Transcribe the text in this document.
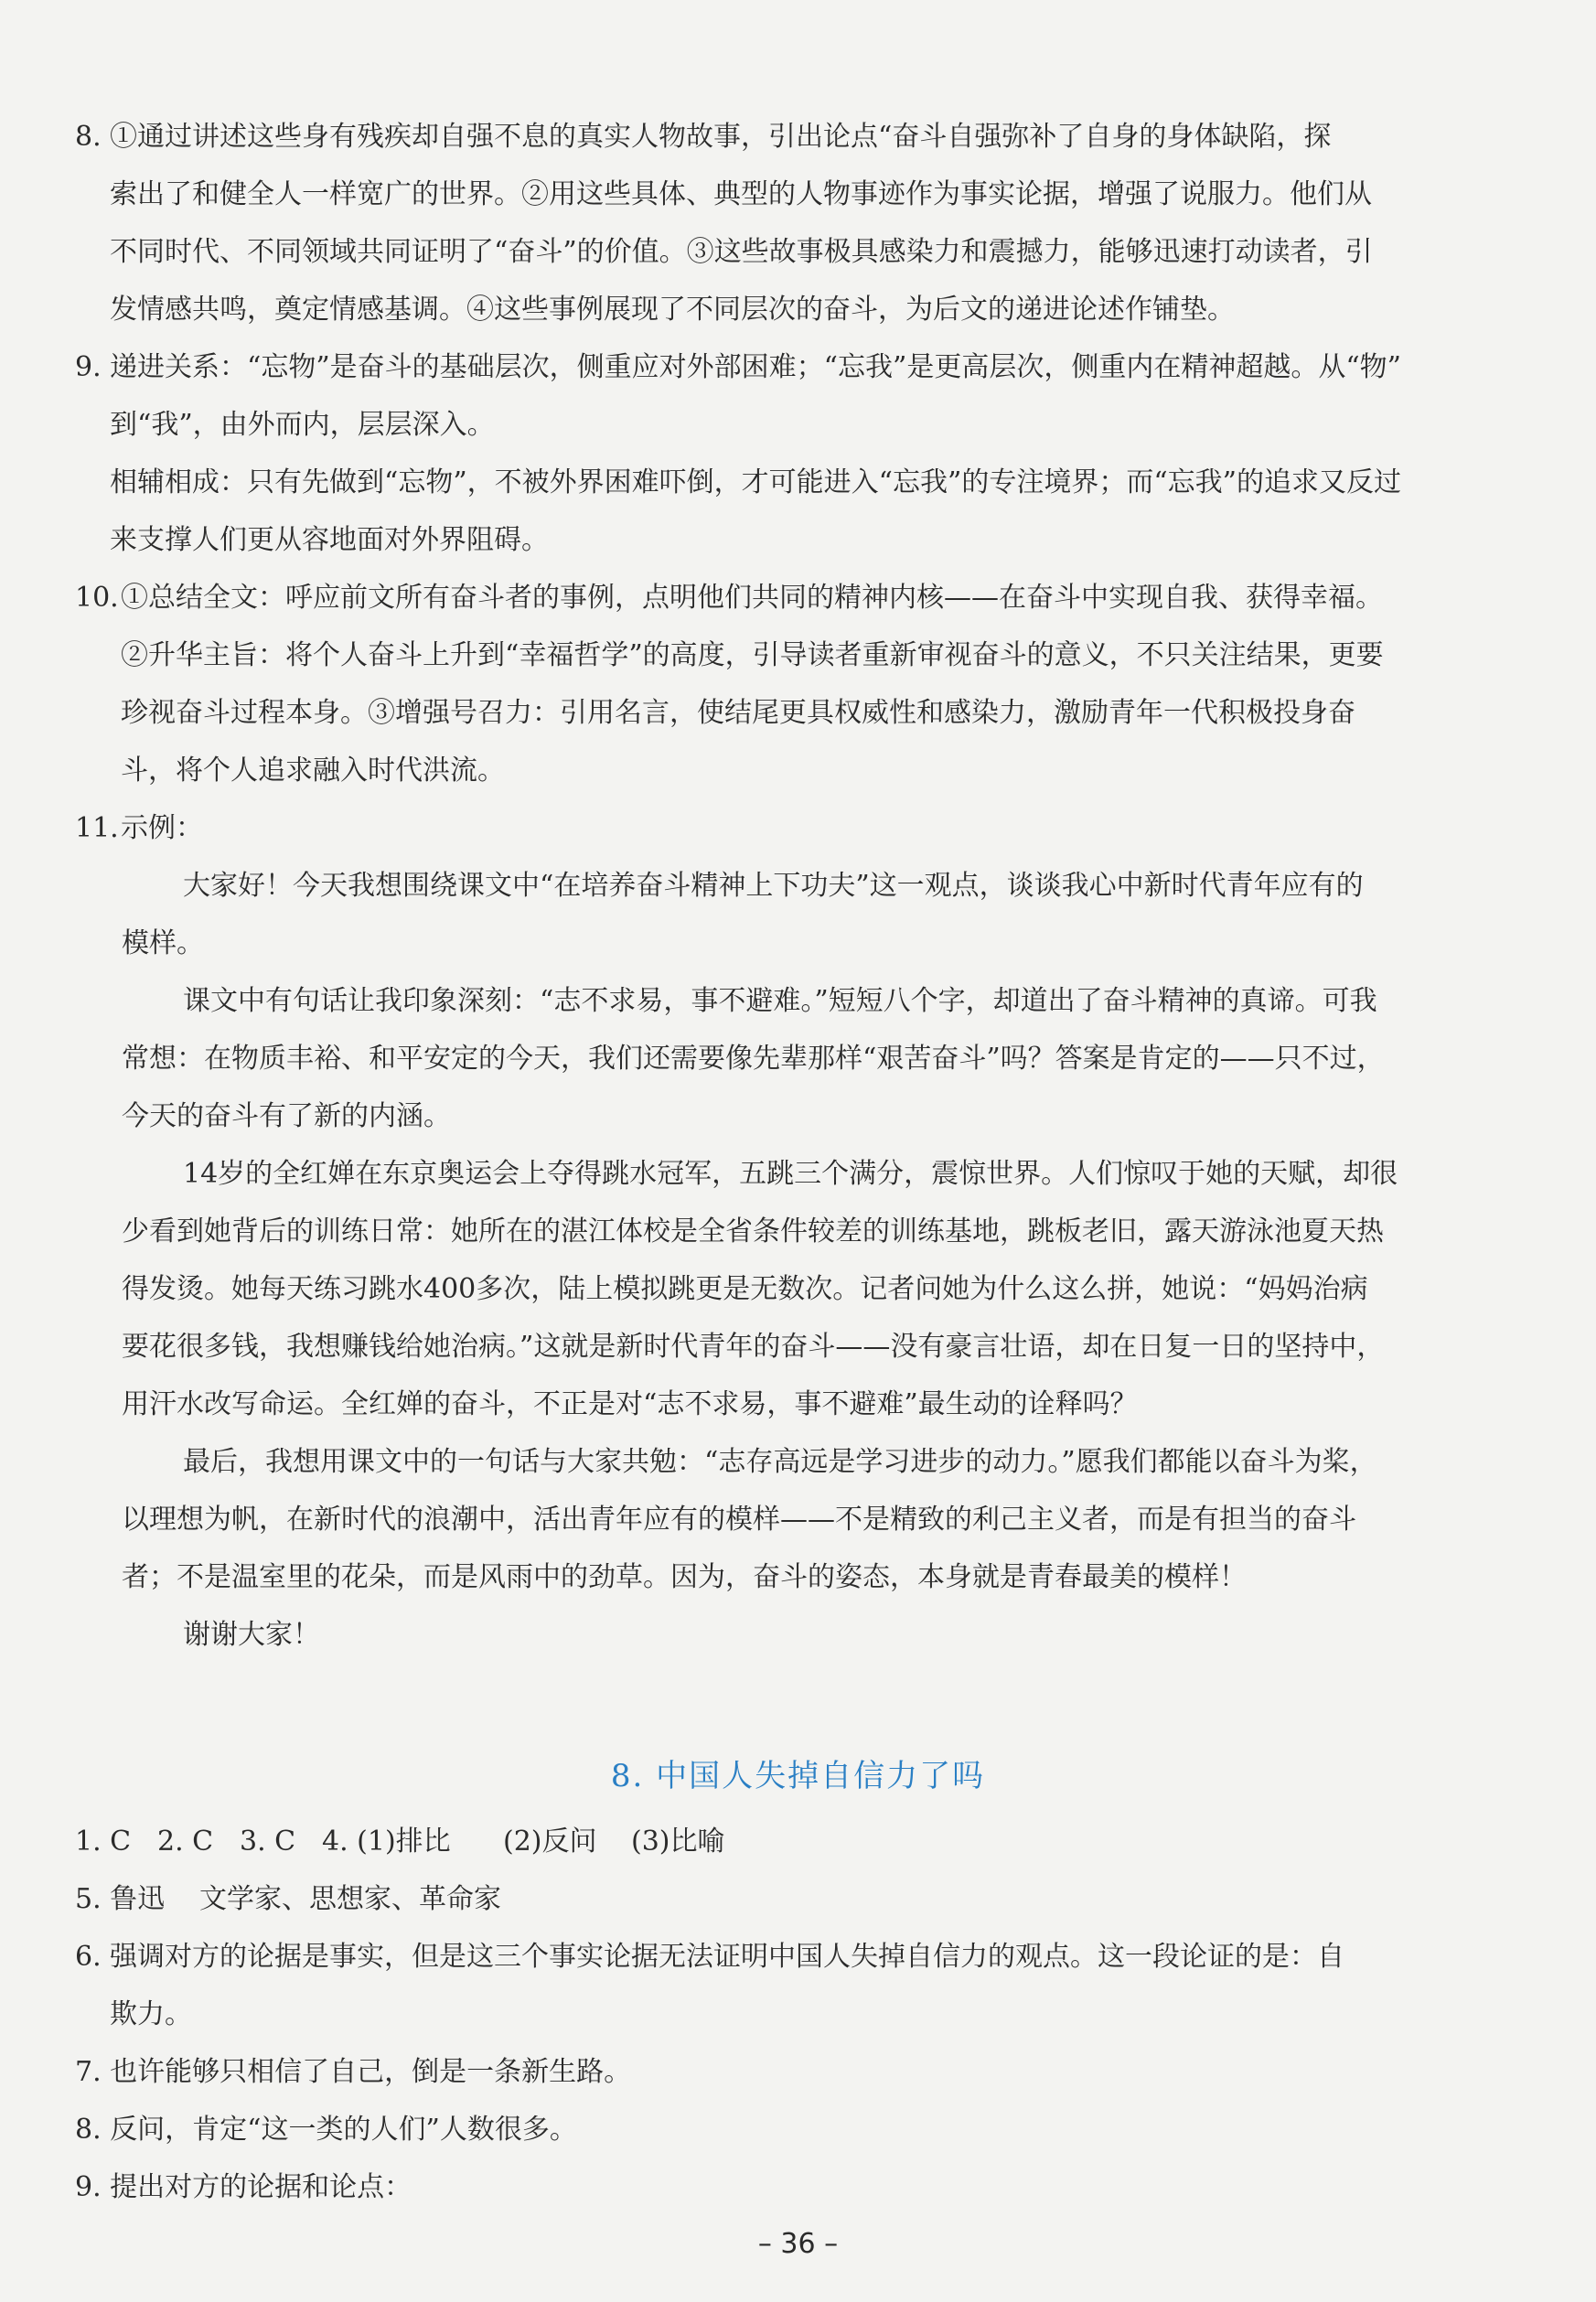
8. ①通过讲述这些身有残疾却自强不息的真实人物故事，引出论点“奋斗自强弥补了自身的身体缺陷，探
索出了和健全人一样宽广的世界。②用这些具体、典型的人物事迹作为事实论据，增强了说服力。他们从
不同时代、不同领域共同证明了“奋斗”的价值。③这些故事极具感染力和震撼力，能够迅速打动读者，引
发情感共鸣，奠定情感基调。④这些事例展现了不同层次的奋斗，为后文的递进论述作铺垫。
9. 递进关系：“忘物”是奋斗的基础层次，侧重应对外部困难；“忘我”是更高层次，侧重内在精神超越。从“物”
到“我”，由外而内，层层深入。
相辅相成：只有先做到“忘物”，不被外界困难吓倒，才可能进入“忘我”的专注境界；而“忘我”的追求又反过
来支撑人们更从容地面对外界阻碍。
10. ①总结全文：呼应前文所有奋斗者的事例，点明他们共同的精神内核——在奋斗中实现自我、获得幸福。
②升华主旨：将个人奋斗上升到“幸福哲学”的高度，引导读者重新审视奋斗的意义，不只关注结果，更要
珍视奋斗过程本身。③增强号召力：引用名言，使结尾更具权威性和感染力，激励青年一代积极投身奋
斗，将个人追求融入时代洪流。
11. 示例：
大家好！今天我想围绕课文中“在培养奋斗精神上下功夫”这一观点，谈谈我心中新时代青年应有的
模样。
课文中有句话让我印象深刻：“志不求易，事不避难。”短短八个字，却道出了奋斗精神的真谛。可我
常想：在物质丰裕、和平安定的今天，我们还需要像先辈那样“艰苦奋斗”吗？答案是肯定的——只不过，
今天的奋斗有了新的内涵。
14岁的全红婵在东京奥运会上夺得跳水冠军，五跳三个满分，震惊世界。人们惊叹于她的天赋，却很
少看到她背后的训练日常：她所在的湛江体校是全省条件较差的训练基地，跳板老旧，露天游泳池夏天热
得发烫。她每天练习跳水400多次，陆上模拟跳更是无数次。记者问她为什么这么拼，她说：“妈妈治病
要花很多钱，我想赚钱给她治病。”这就是新时代青年的奋斗——没有豪言壮语，却在日复一日的坚持中，
用汗水改写命运。全红婵的奋斗，不正是对“志不求易，事不避难”最生动的诠释吗？
最后，我想用课文中的一句话与大家共勉：“志存高远是学习进步的动力。”愿我们都能以奋斗为桨，
以理想为帆，在新时代的浪潮中，活出青年应有的模样——不是精致的利己主义者，而是有担当的奋斗
者；不是温室里的花朵，而是风雨中的劲草。因为，奋斗的姿态，本身就是青春最美的模样！
谢谢大家！
8. 中国人失掉自信力了吗
1. C 2. C 3. C 4. (1)排比 (2)反问 (3)比喻
5. 鲁迅 文学家、思想家、革命家
6. 强调对方的论据是事实，但是这三个事实论据无法证明中国人失掉自信力的观点。这一段论证的是：自
欺力。
7. 也许能够只相信了自己，倒是一条新生路。
8. 反问，肯定“这一类的人们”人数很多。
9. 提出对方的论据和论点：
– 36 –
